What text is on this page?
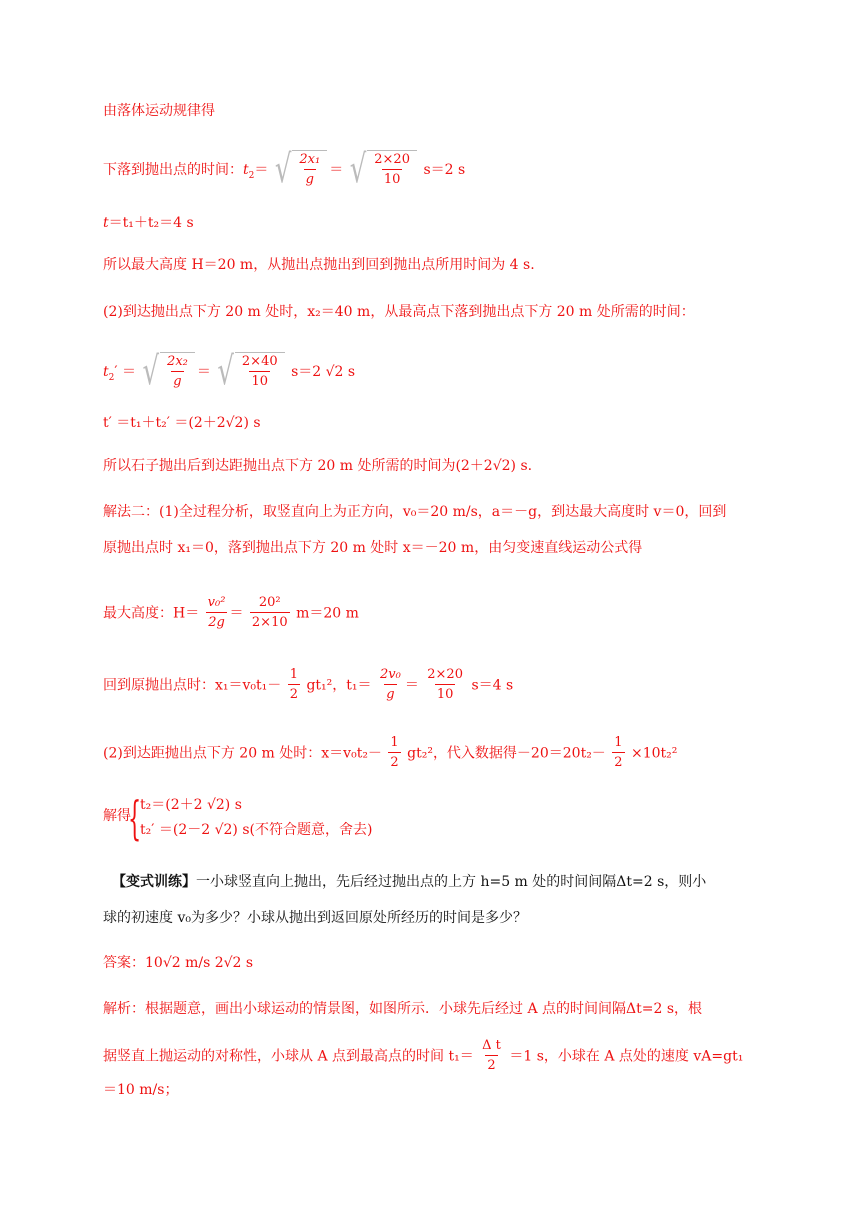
由落体运动规律得
下落到抛出点的时间：$t_2=$ √ $\frac{\text{2x₁}}{g}$ ＝ √ $\frac{2\times 20}{10} s=2$ s
t＝t₁＋t₂＝4 s
所以最大高度 H＝20 m，从抛出点抛出到回到抛出点所用时间为 4 s.
(2)到达抛出点下方 20 m 处时，x₂＝40 m，从最高点下落到抛出点下方 20 m 处所需的时间：
$t_2'$ ＝ √ $\frac{\text{2x₂}}{g}$ ＝ √ $\frac{2\times 40}{10} s=2$ √2 s
t′ ＝t₁＋t₂′ ＝(2＋2√2) s
所以石子抛出后到达距抛出点下方 20 m 处所需的时间为(2＋2√2) s.
解法二：(1)全过程分析，取竖直向上为正方向，v₀＝20 m/s，a＝－g，到达最大高度时 v＝0，回到
原抛出点时 x₁＝0，落到抛出点下方 20 m 处时 x＝－20 m，由匀变速直线运动公式得
最大高度：$H= \frac{\text{v₀²}}{2g} = \frac{\text{20²}}{2\times 10} m=20$ m
回到原抛出点时：$x_1=v_0t_1- \frac{1}{2} gt_1^2$，$t_1= \frac{\text{2v₀}}{g} = \frac{2\times 20}{10} s=4$ s
(2)到达距抛出点下方 20 m 处时：$x=v_0t_2- \frac{1}{2} gt_2^2$，代入数据得$-20=20t_2- \frac{1}{2} \times 10t_2^2$
解得
{
t₂＝(2＋2 √2) s
t₂′ ＝(2－2 √2) s(不符合题意，舍去)
【变式训练】一小球竖直向上抛出，先后经过抛出点的上方 h=5 m 处的时间间隔Δt=2 s，则小
球的初速度 v₀为多少？小球从抛出到返回原处所经历的时间是多少？
答案：10√2 m/s 2√2 s
解析：根据题意，画出小球运动的情景图，如图所示．小球先后经过 A 点的时间间隔Δt=2 s，根
据竖直上抛运动的对称性，小球从 A 点到最高点的时间 $t_1= \frac{\text{Δ t}}{2} =1$ s，小球在 A 点处的速度 vA=gt₁
＝10 m/s；
